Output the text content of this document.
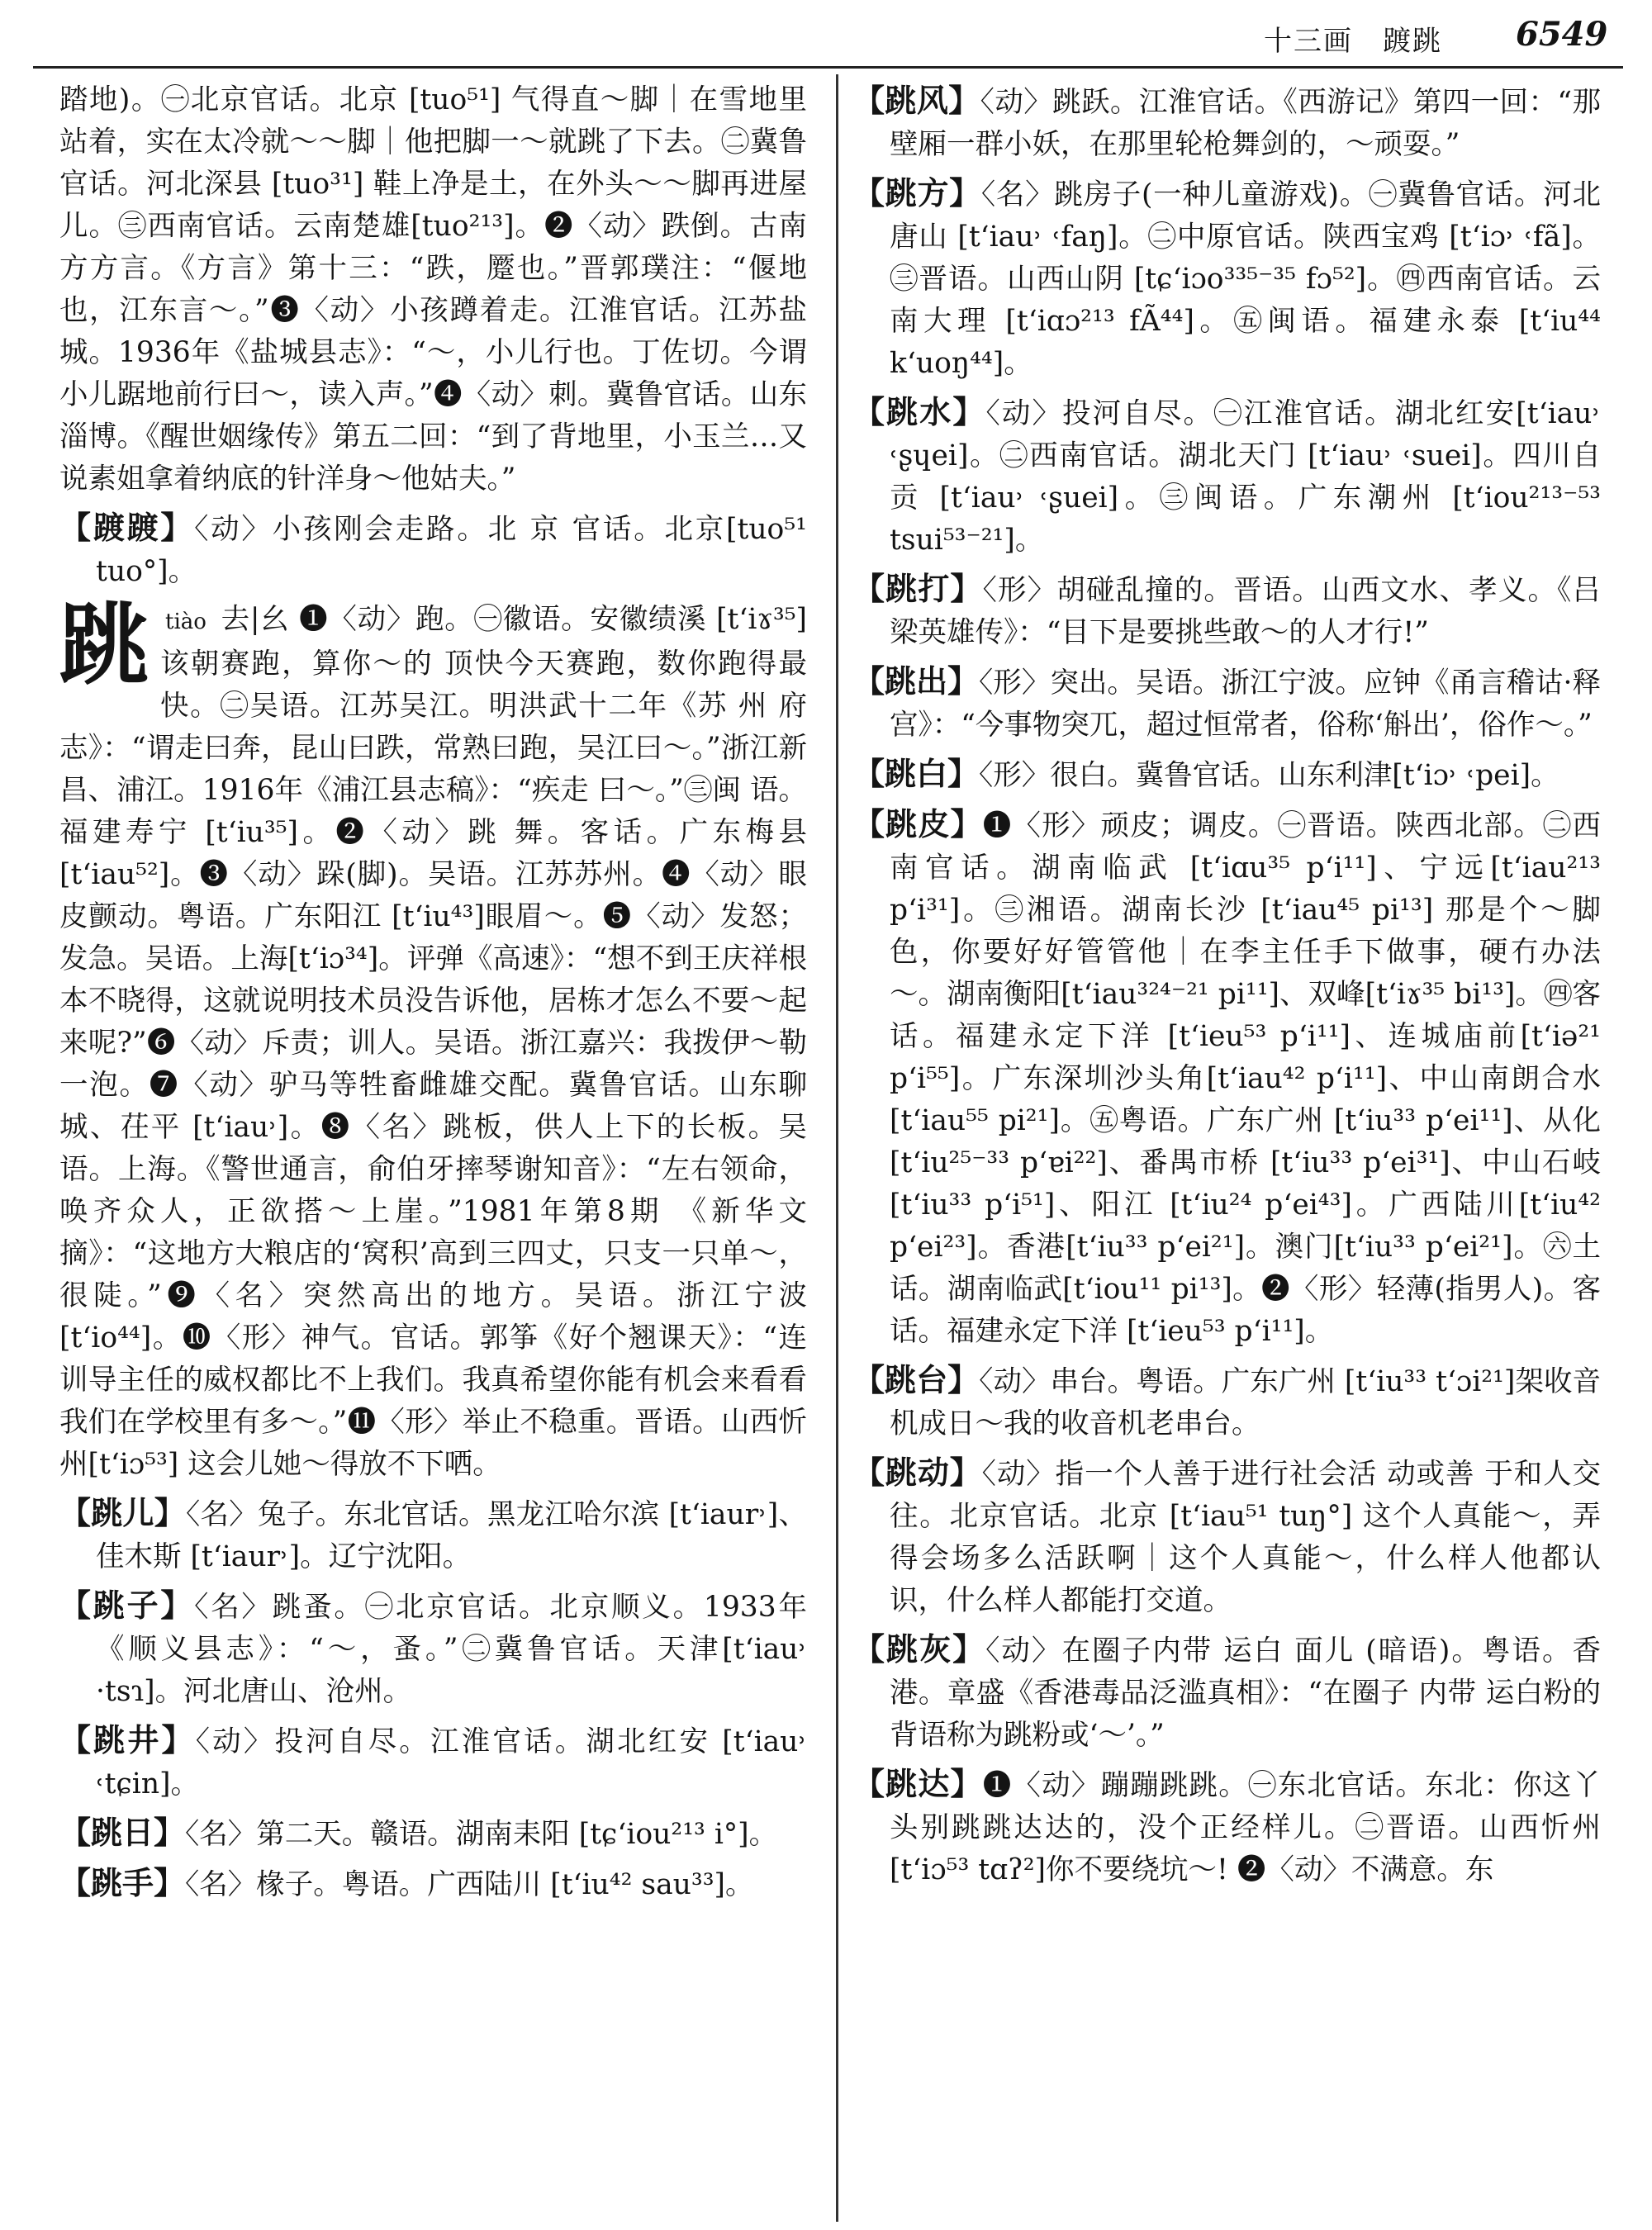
十三画　踱跳 6549

踏地)。㊀北京官话。北京 [tuo⁵¹] 气得直～脚｜在雪地里站着，实在太冷就～～脚｜他把脚一～就跳了下去。㊁冀鲁官话。河北深县 [tuo³¹] 鞋上净是土，在外头～～脚再进屋儿。㊂西南官话。云南楚雄[tuo²¹³]。❷〈动〉跌倒。古南方方言。《方言》第十三：“跌，蹷也。”晋郭璞注：“偃地也，江东言～。”❸〈动〉小孩蹲着走。江淮官话。江苏盐城。1936年《盐城县志》：“～，小儿行也。丁佐切。今谓小儿踞地前行曰～，读入声。”❹〈动〉刺。冀鲁官话。山东淄博。《醒世姻缘传》第五二回：“到了背地里，小玉兰…又说素姐拿着纳底的针洋身～他姑夫。”

【踱踱】〈动〉小孩刚会走路。北 京 官话。北京[tuo⁵¹ tuo°]。

跳 tiào 去|幺 ❶〈动〉跑。㊀徽语。安徽绩溪 [t‘iɤ³⁵] 该朝赛跑，算你～的 顶快今天赛跑，数你跑得最快。㊁吴语。江苏吴江。明洪武十二年《苏 州 府志》：“谓走曰奔，昆山曰跌，常熟曰跑，吴江曰～。”浙江新昌、浦江。1916年《浦江县志稿》：“疾走 曰～。”㊂闽 语。福建寿宁 [t‘iu³⁵]。❷〈动〉跳 舞。客话。广东梅县[t‘iau⁵²]。❸〈动〉跺(脚)。吴语。江苏苏州。❹〈动〉眼皮颤动。粤语。广东阳江 [t‘iu⁴³]眼眉～。❺〈动〉发怒；发急。吴语。上海[t‘iɔ³⁴]。评弹《高速》：“想不到王庆祥根本不晓得，这就说明技术员没告诉他，居栋才怎么不要～起来呢?”❻〈动〉斥责；训人。吴语。浙江嘉兴：我拨伊～勒一泡。❼〈动〉驴马等牲畜雌雄交配。冀鲁官话。山东聊城、茌平 [t‘iau˒]。❽〈名〉跳板，供人上下的长板。吴语。上海。《警世通言，俞伯牙摔琴谢知音》：“左右领命，唤齐众人，正欲搭～上崖。”1981年第8期 《新华文摘》：“这地方大粮店的‘窝积’高到三四丈，只支一只单～，很陡。”❾〈名〉突然高出的地方。吴语。浙江宁波 [t‘io⁴⁴]。❿〈形〉神气。官话。郭筝《好个翘课天》：“连训导主任的威权都比不上我们。我真希望你能有机会来看看我们在学校里有多～。”⓫〈形〉举止不稳重。晋语。山西忻州[t‘iɔ⁵³] 这会儿她～得放不下哂。

【跳儿】〈名〉兔子。东北官话。黑龙江哈尔滨 [t‘iaur˒]、佳木斯 [t‘iaur˒]。辽宁沈阳。

【跳子】〈名〉跳蚤。㊀北京官话。北京顺义。1933年《顺义县志》：“～，蚤。”㊁冀鲁官话。天津[t‘iau˒ ·tsɿ]。河北唐山、沧州。

【跳井】〈动〉投河自尽。江淮官话。湖北红安 [t‘iau˒ ˓tɕin]。

【跳日】〈名〉第二天。赣语。湖南耒阳 [tɕ‘iou²¹³ i°]。

【跳手】〈名〉椽子。粤语。广西陆川 [t‘iu⁴² sau³³]。

【跳风】〈动〉跳跃。江淮官话。《西游记》第四一回：“那壁厢一群小妖，在那里轮枪舞剑的，～顽耍。”

【跳方】〈名〉跳房子(一种儿童游戏)。㊀冀鲁官话。河北唐山 [t‘iau˒ ˓faŋ]。㊁中原官话。陕西宝鸡 [t‘iɔ˒ ˓fã]。㊂晋语。山西山阴 [tɕ‘iɔo³³⁵⁻³⁵ fɔ⁵²]。㊃西南官话。云南大理 [t‘iɑɔ²¹³ fÃ⁴⁴]。㊄闽语。福建永泰 [t‘iu⁴⁴ k‘uoŋ⁴⁴]。

【跳水】〈动〉投河自尽。㊀江淮官话。湖北红安[t‘iau˒ ˓ʂɥei]。㊁西南官话。湖北天门 [t‘iau˒ ˓suei]。四川自贡 [t‘iau˒ ˓ʂuei]。㊂闽语。广东潮州 [t‘iou²¹³⁻⁵³ tsui⁵³⁻²¹]。

【跳打】〈形〉胡碰乱撞的。晋语。山西文水、孝义。《吕梁英雄传》：“目下是要挑些敢～的人才行!”

【跳出】〈形〉突出。吴语。浙江宁波。应钟《甬言稽诂·释宫》：“今事物突兀，超过恒常者，俗称‘斛出’，俗作～。”

【跳白】〈形〉很白。冀鲁官话。山东利津[t‘iɔ˒ ˓pei]。

【跳皮】❶〈形〉顽皮；调皮。㊀晋语。陕西北部。㊁西南官话。湖南临武 [t‘iɑu³⁵ p‘i¹¹]、宁远[t‘iau²¹³ p‘i³¹]。㊂湘语。湖南长沙 [t‘iau⁴⁵ pi¹³] 那是个～脚色，你要好好管管他｜在李主任手下做事，硬冇办法～。湖南衡阳[t‘iau³²⁴⁻²¹ pi¹¹]、双峰[t‘iɤ³⁵ bi¹³]。㊃客话。福建永定下洋 [t‘ieu⁵³ p‘i¹¹]、连城庙前[t‘iə²¹ p‘i⁵⁵]。广东深圳沙头角[t‘iau⁴² p‘i¹¹]、中山南朗合水[t‘iau⁵⁵ pi²¹]。㊄粤语。广东广州 [t‘iu³³ p‘ei¹¹]、从化 [t‘iu²⁵⁻³³ p‘ɐi²²]、番禺市桥 [t‘iu³³ p‘ei³¹]、中山石岐 [t‘iu³³ p‘i⁵¹]、阳江 [t‘iu²⁴ p‘ei⁴³]。广西陆川[t‘iu⁴² p‘ei²³]。香港[t‘iu³³ p‘ei²¹]。澳门[t‘iu³³ p‘ei²¹]。㊅土话。湖南临武[t‘iou¹¹ pi¹³]。❷〈形〉轻薄(指男人)。客话。福建永定下洋 [t‘ieu⁵³ p‘i¹¹]。

【跳台】〈动〉串台。粤语。广东广州 [t‘iu³³ t‘ɔi²¹]架收音机成日～我的收音机老串台。

【跳动】〈动〉指一个人善于进行社会活 动或善 于和人交往。北京官话。北京 [t‘iau⁵¹ tuŋ°] 这个人真能～，弄得会场多么活跃啊｜这个人真能～，什么样人他都认识，什么样人都能打交道。

【跳灰】〈动〉在圈子内带 运白 面儿 (暗语)。粤语。香港。章盛《香港毒品泛滥真相》：“在圈子 内带 运白粉的背语称为跳粉或‘～’。”

【跳达】❶〈动〉蹦蹦跳跳。㊀东北官话。东北：你这丫头别跳跳达达的，没个正经样儿。㊁晋语。山西忻州 [t‘iɔ⁵³ tɑʔ²]你不要绕坑～! ❷〈动〉不满意。东
